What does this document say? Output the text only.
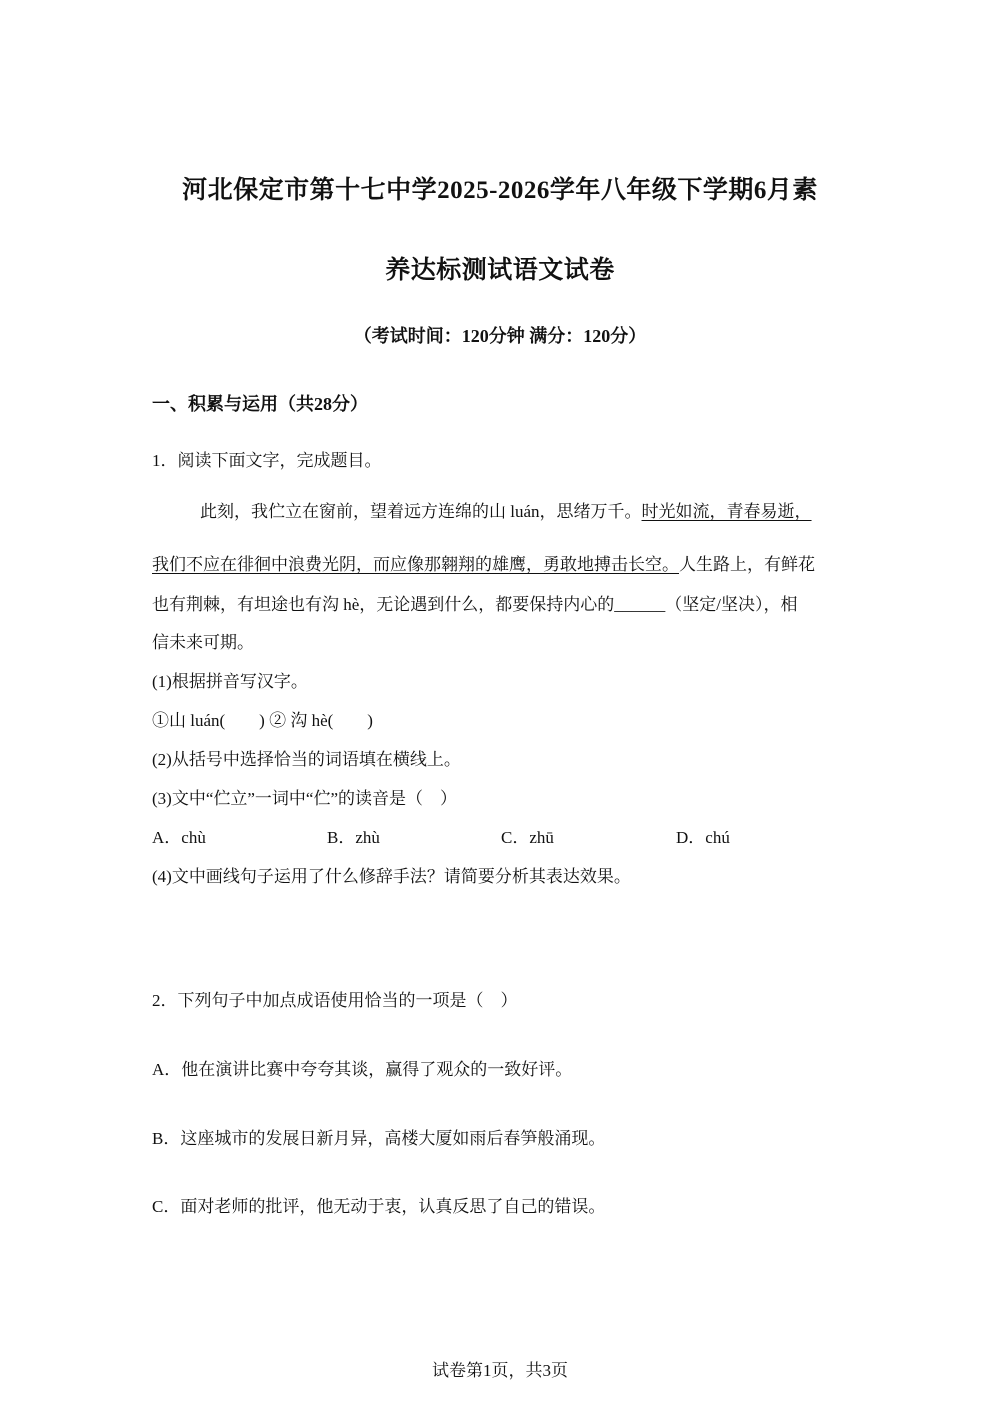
河北保定市第十七中学2025-2026学年八年级下学期6月素
养达标测试语文试卷
（考试时间：120分钟 满分：120分）
一、积累与运用（共28分）
1．阅读下面文字，完成题目。
此刻，我伫立在窗前，望着远方连绵的山 luán，思绪万千。时光如流，青春易逝，
我们不应在徘徊中浪费光阴，而应像那翱翔的雄鹰，勇敢地搏击长空。人生路上，有鲜花
也有荆棘，有坦途也有沟 hè，无论遇到什么，都要保持内心的______（坚定/坚决），相
信未来可期。
(1)根据拼音写汉字。
①山 luán(　　) ② 沟 hè(　　)
(2)从括号中选择恰当的词语填在横线上。
(3)文中“伫立”一词中“伫”的读音是（　）
A．chù	B．zhù	C．zhū	D．chú
(4)文中画线句子运用了什么修辞手法？请简要分析其表达效果。
2．下列句子中加点成语使用恰当的一项是（　）
A．他在演讲比赛中夸夸其谈，赢得了观众的一致好评。
B．这座城市的发展日新月异，高楼大厦如雨后春笋般涌现。
C．面对老师的批评，他无动于衷，认真反思了自己的错误。
试卷第1页，共3页
